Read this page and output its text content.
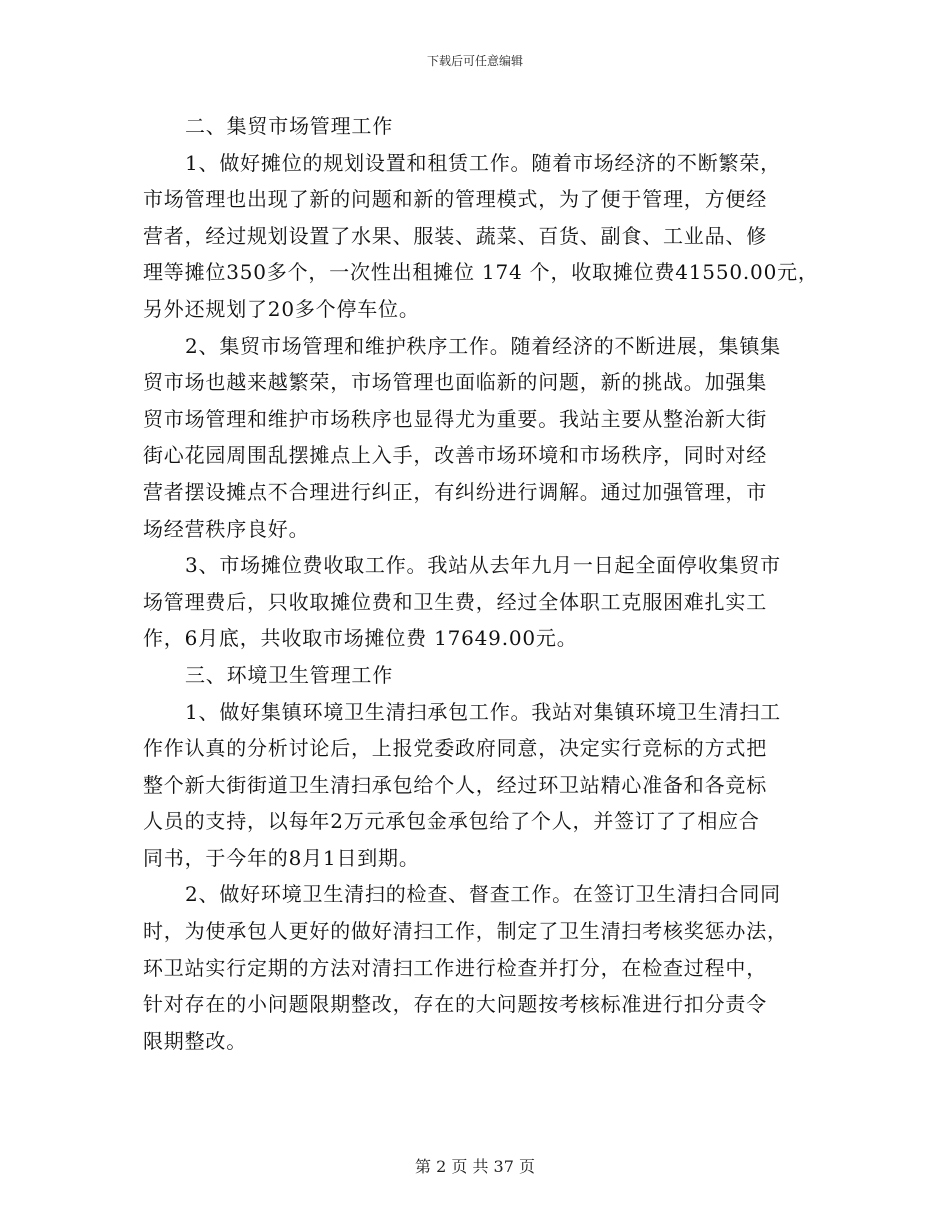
下载后可任意编辑
二、集贸市场管理工作
1、做好摊位的规划设置和租赁工作。随着市场经济的不断繁荣，
市场管理也出现了新的问题和新的管理模式，为了便于管理，方便经
营者，经过规划设置了水果、服装、蔬菜、百货、副食、工业品、修
理等摊位350多个，一次性出租摊位 174 个，收取摊位费41550.00元，
另外还规划了20多个停车位。
2、集贸市场管理和维护秩序工作。随着经济的不断进展，集镇集
贸市场也越来越繁荣，市场管理也面临新的问题，新的挑战。加强集
贸市场管理和维护市场秩序也显得尤为重要。我站主要从整治新大街
街心花园周围乱摆摊点上入手，改善市场环境和市场秩序，同时对经
营者摆设摊点不合理进行纠正，有纠纷进行调解。通过加强管理，市
场经营秩序良好。
3、市场摊位费收取工作。我站从去年九月一日起全面停收集贸市
场管理费后，只收取摊位费和卫生费，经过全体职工克服困难扎实工
作，6月底，共收取市场摊位费 17649.00元。
三、环境卫生管理工作
1、做好集镇环境卫生清扫承包工作。我站对集镇环境卫生清扫工
作作认真的分析讨论后，上报党委政府同意，决定实行竞标的方式把
整个新大街街道卫生清扫承包给个人，经过环卫站精心准备和各竞标
人员的支持，以每年2万元承包金承包给了个人，并签订了了相应合
同书，于今年的8月1日到期。
2、做好环境卫生清扫的检查、督查工作。在签订卫生清扫合同同
时，为使承包人更好的做好清扫工作，制定了卫生清扫考核奖惩办法，
环卫站实行定期的方法对清扫工作进行检查并打分，在检查过程中，
针对存在的小问题限期整改，存在的大问题按考核标准进行扣分责令
限期整改。
第 2 页 共 37 页
